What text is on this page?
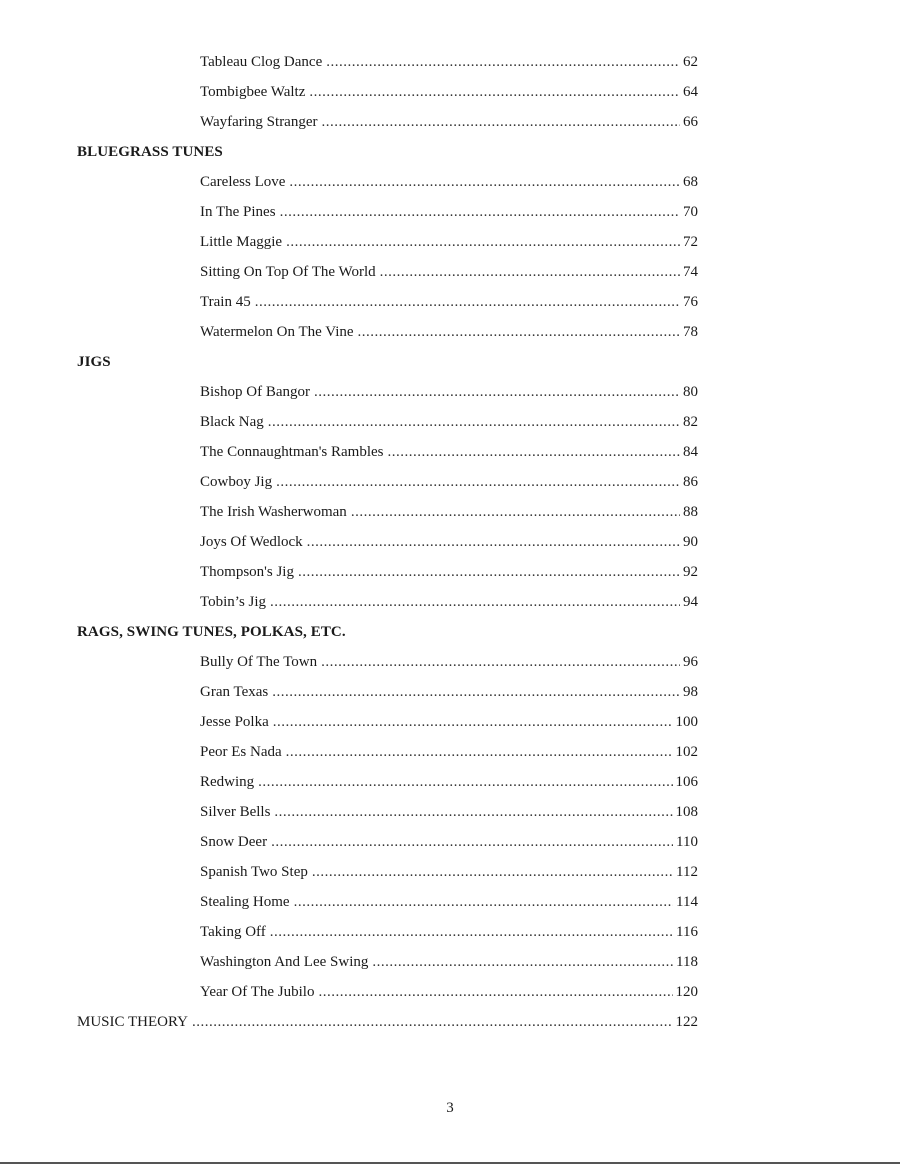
Tableau Clog Dance .....	62
Tombigbee Waltz .....	64
Wayfaring Stranger .....	66
BLUEGRASS TUNES
Careless Love .....	68
In The Pines .....	70
Little Maggie .....	72
Sitting On Top Of The World .....	74
Train 45 .....	76
Watermelon On The Vine .....	78
JIGS
Bishop Of Bangor .....	80
Black Nag .....	82
The Connaughtman's Rambles .....	84
Cowboy Jig .....	86
The Irish Washerwoman .....	88
Joys Of Wedlock .....	90
Thompson's Jig .....	92
Tobin’s Jig .....	94
RAGS, SWING TUNES, POLKAS, ETC.
Bully Of The Town .....	96
Gran Texas .....	98
Jesse Polka .....	100
Peor Es Nada .....	102
Redwing .....	106
Silver Bells .....	108
Snow Deer .....	110
Spanish Two Step .....	112
Stealing Home .....	114
Taking Off .....	116
Washington And Lee Swing .....	118
Year Of The Jubilo .....	120
MUSIC THEORY .....	122
3
